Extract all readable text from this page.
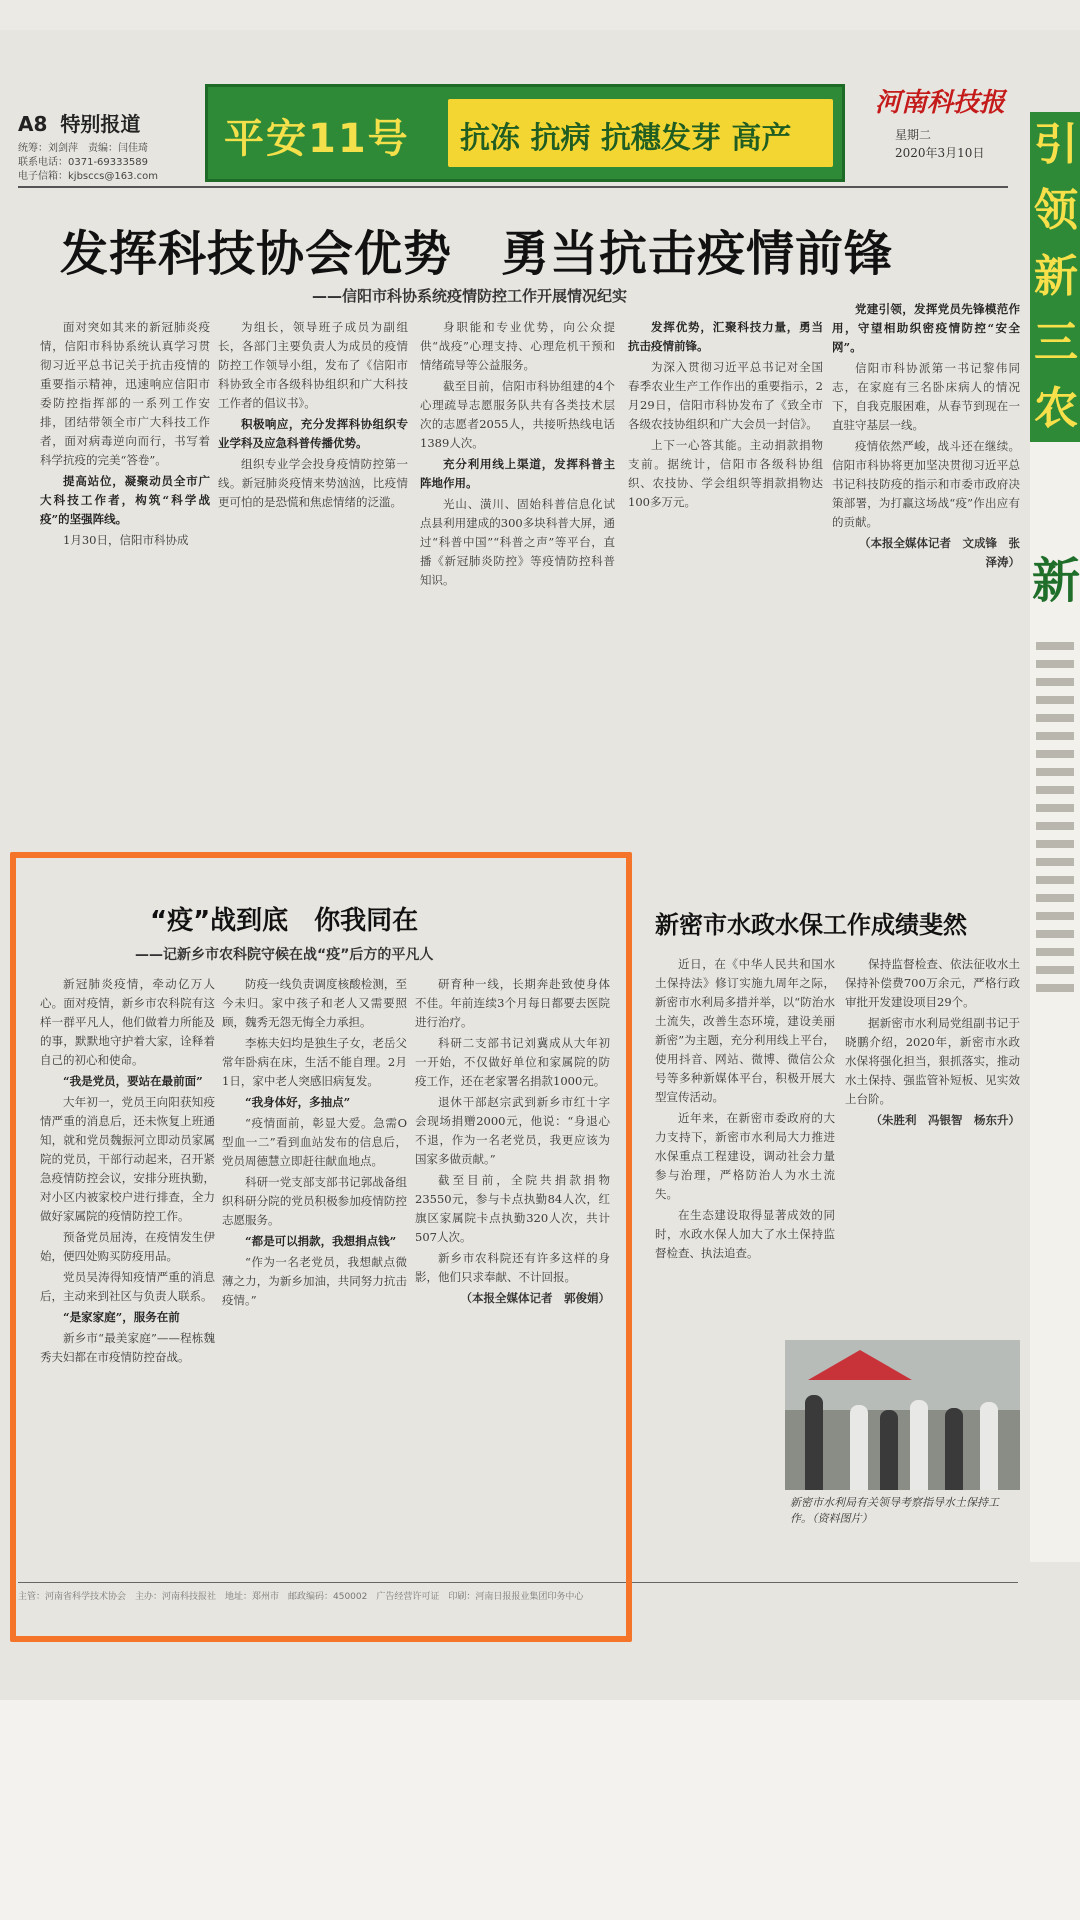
A8 特别报道
统筹：刘剑萍　责编：闫佳琦
联系电话：0371-69333589
电子信箱：kjbsccs@163.com
平安11号 抗冻 抗病 抗穗发芽 高产
河南科技报
星期二
2020年3月10日 引
领
新
三
农
新
发挥科技协会优势　勇当抗击疫情前锋
——信阳市科协系统疫情防控工作开展情况纪实

面对突如其来的新冠肺炎疫情，信阳市科协系统认真学习贯彻习近平总书记关于抗击疫情的重要指示精神，迅速响应信阳市委防控指挥部的一系列工作安排，团结带领全市广大科技工作者，面对病毒逆向而行，书写着科学抗疫的完美“答卷”。

提高站位，凝聚动员全市广大科技工作者，构筑“科学战疫”的坚强阵线。

1月30日，信阳市科协成

为组长，领导班子成员为副组长，各部门主要负责人为成员的疫情防控工作领导小组，发布了《信阳市科协致全市各级科协组织和广大科技工作者的倡议书》。

积极响应，充分发挥科协组织专业学科及应急科普传播优势。

组织专业学会投身疫情防控第一线。新冠肺炎疫情来势汹汹，比疫情更可怕的是恐慌和焦虑情绪的泛滥。

身职能和专业优势，向公众提供“战疫”心理支持、心理危机干预和情绪疏导等公益服务。

截至目前，信阳市科协组建的4个心理疏导志愿服务队共有各类技术层次的志愿者2055人，共接听热线电话1389人次。

充分利用线上渠道，发挥科普主阵地作用。

光山、潢川、固始科普信息化试点县利用建成的300多块科普大屏，通过“科普中国”“科普之声”等平台，直播《新冠肺炎防控》等疫情防控科普知识。

发挥优势，汇聚科技力量，勇当抗击疫情前锋。

为深入贯彻习近平总书记对全国春季农业生产工作作出的重要指示，2月29日，信阳市科协发布了《致全市各级农技协组织和广大会员一封信》。

上下一心答其能。主动捐款捐物支前。据统计，信阳市各级科协组织、农技协、学会组织等捐款捐物达100多万元。

党建引领，发挥党员先锋模范作用，守望相助织密疫情防控“安全网”。

信阳市科协派第一书记黎伟同志，在家庭有三名卧床病人的情况下，自我克服困难，从春节到现在一直驻守基层一线。

疫情依然严峻，战斗还在继续。信阳市科协将更加坚决贯彻习近平总书记科技防疫的指示和市委市政府决策部署，为打赢这场战“疫”作出应有的贡献。

（本报全媒体记者　文成锋　张泽涛）

“疫”战到底　你我同在
——记新乡市农科院守候在战“疫”后方的平凡人

新冠肺炎疫情，牵动亿万人心。面对疫情，新乡市农科院有这样一群平凡人，他们做着力所能及的事，默默地守护着大家，诠释着自己的初心和使命。

“我是党员，要站在最前面”

大年初一，党员王向阳获知疫情严重的消息后，还未恢复上班通知，就和党员魏振河立即动员家属院的党员，干部行动起来，召开紧急疫情防控会议，安排分班执勤，对小区内被家校户进行排查，全力做好家属院的疫情防控工作。

预备党员屈涛，在疫情发生伊始，便四处购买防疫用品。

党员吴涛得知疫情严重的消息后，主动来到社区与负责人联系。

“是家家庭”，服务在前

新乡市“最美家庭”——程栋魏秀夫妇都在市疫情防控奋战。

防疫一线负责调度核酸检测，至今未归。家中孩子和老人又需要照顾，魏秀无怨无悔全力承担。

李栋夫妇均是独生子女，老岳父常年卧病在床，生活不能自理。2月1日，家中老人突感旧病复发。

“我身体好，多抽点”

“疫情面前，彰显大爱。急需O型血一二”看到血站发布的信息后，党员周德慧立即赶往献血地点。

科研一党支部支部书记郭战备组织科研分院的党员积极参加疫情防控志愿服务。

“都是可以捐款，我想捐点钱”

“作为一名老党员，我想献点微薄之力，为新乡加油，共同努力抗击疫情。”

研育种一线，长期奔赴致使身体不佳。年前连续3个月每日都要去医院进行治疗。

科研二支部书记刘冀成从大年初一开始，不仅做好单位和家属院的防疫工作，还在老家署名捐款1000元。

退休干部赵宗武到新乡市红十字会现场捐赠2000元，他说：“身退心不退，作为一名老党员，我更应该为国家多做贡献。”

截至目前，全院共捐款捐物23550元，参与卡点执勤84人次，红旗区家属院卡点执勤320人次，共计507人次。

新乡市农科院还有许多这样的身影，他们只求奉献、不计回报。

（本报全媒体记者　郭俊娟）

新密市水政水保工作成绩斐然

近日，在《中华人民共和国水土保持法》修订实施九周年之际，新密市水利局多措并举，以“防治水土流失，改善生态环境，建设美丽新密”为主题，充分利用线上平台，使用抖音、网站、微博、微信公众号等多种新媒体平台，积极开展大型宣传活动。

近年来，在新密市委政府的大力支持下，新密市水利局大力推进水保重点工程建设，调动社会力量参与治理，严格防治人为水土流失。

在生态建设取得显著成效的同时，水政水保人加大了水土保持监督检查、执法追查。

保持监督检查、依法征收水土保持补偿费700万余元，严格行政审批开发建设项目29个。

据新密市水利局党组副书记于晓鹏介绍，2020年，新密市水政水保将强化担当，狠抓落实，推动水土保持、强监管补短板、见实效上台阶。

（朱胜利　冯银智　杨东升）

新密市水利局有关领导考察指导水土保持工作。（资料图片）
主管：河南省科学技术协会　主办：河南科技报社　地址：郑州市　邮政编码：450002　广告经营许可证　印刷：河南日报报业集团印务中心
